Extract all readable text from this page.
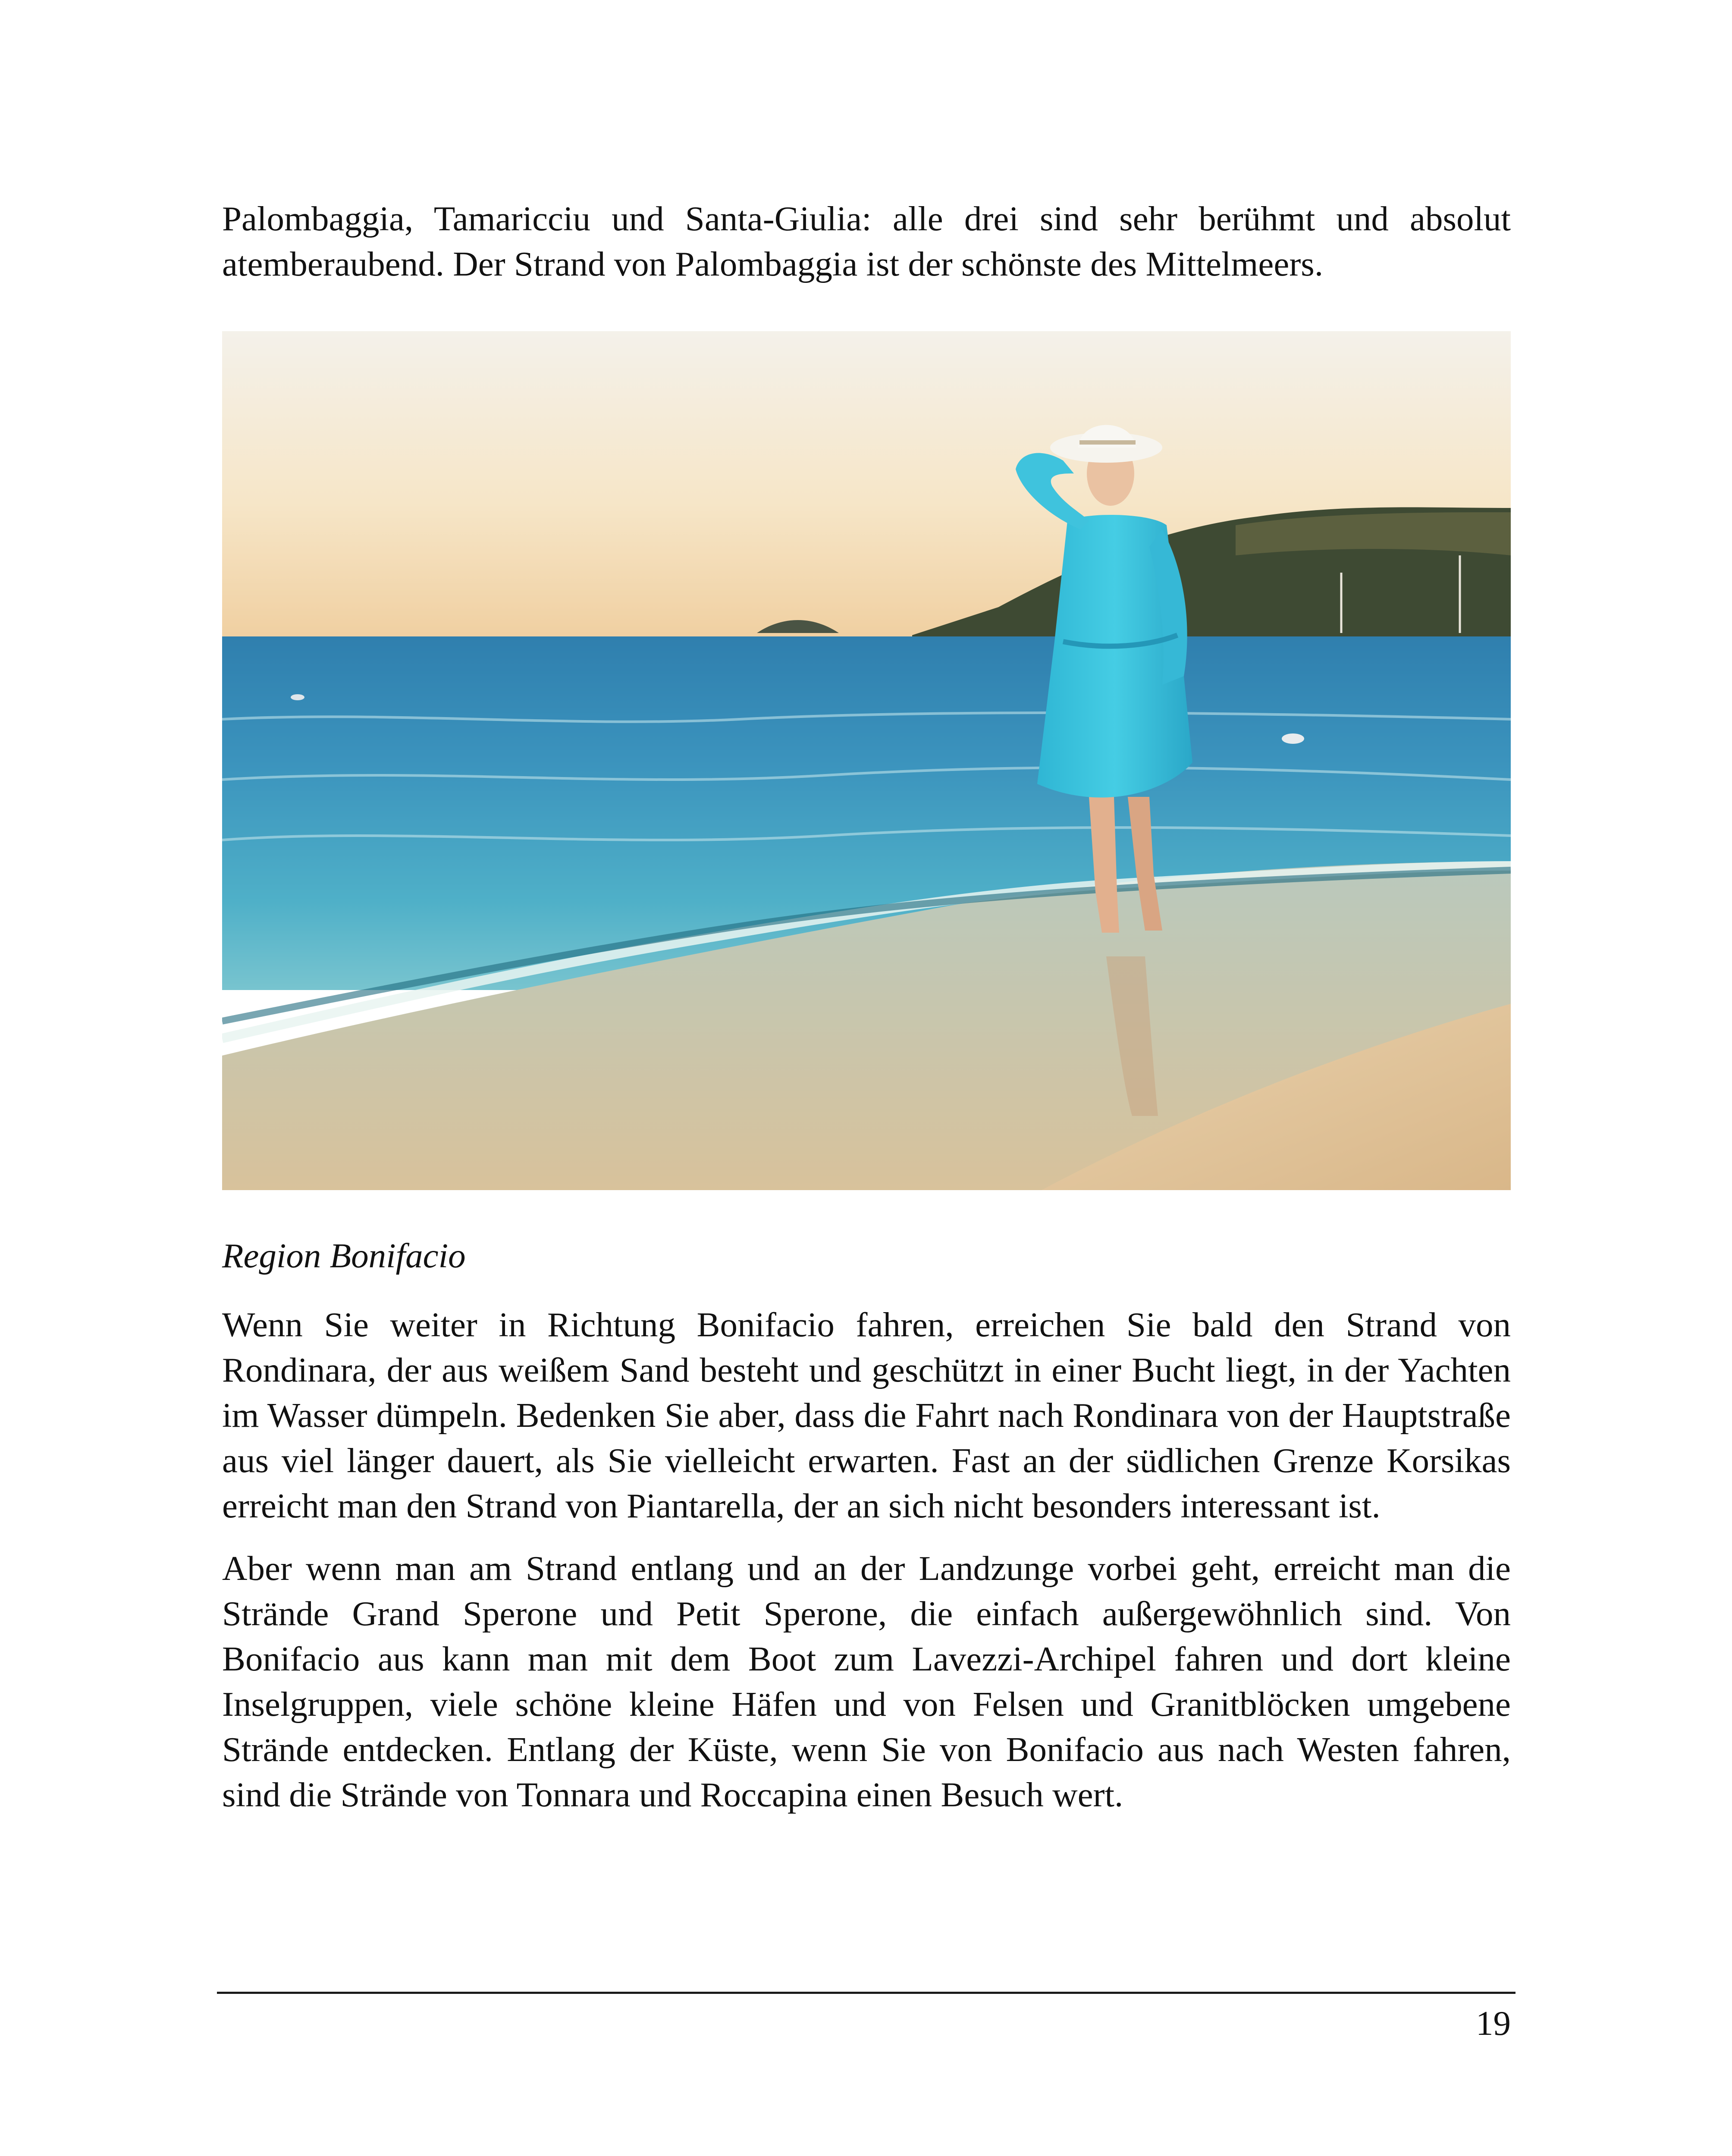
Palombaggia, Tamaricciu und Santa-Giulia: alle drei sind sehr berühmt und absolut atemberaubend. Der Strand von Palombaggia ist der schönste des Mittelmeers.

Region Bonifacio

Wenn Sie weiter in Richtung Bonifacio fahren, erreichen Sie bald den Strand von Rondinara, der aus weißem Sand besteht und geschützt in einer Bucht liegt, in der Yachten im Wasser dümpeln. Bedenken Sie aber, dass die Fahrt nach Rondinara von der Hauptstraße aus viel länger dauert, als Sie vielleicht erwarten. Fast an der südlichen Grenze Korsikas erreicht man den Strand von Piantarella, der an sich nicht besonders interessant ist.

Aber wenn man am Strand entlang und an der Landzunge vorbei geht, erreicht man die Strände Grand Sperone und Petit Sperone, die einfach außergewöhnlich sind. Von Bonifacio aus kann man mit dem Boot zum Lavezzi-Archipel fahren und dort kleine Inselgruppen, viele schöne kleine Häfen und von Felsen und Granitblöcken umgebene Strände entdecken. Entlang der Küste, wenn Sie von Bonifacio aus nach Westen fahren, sind die Strände von Tonnara und Roccapina einen Besuch wert.

19
